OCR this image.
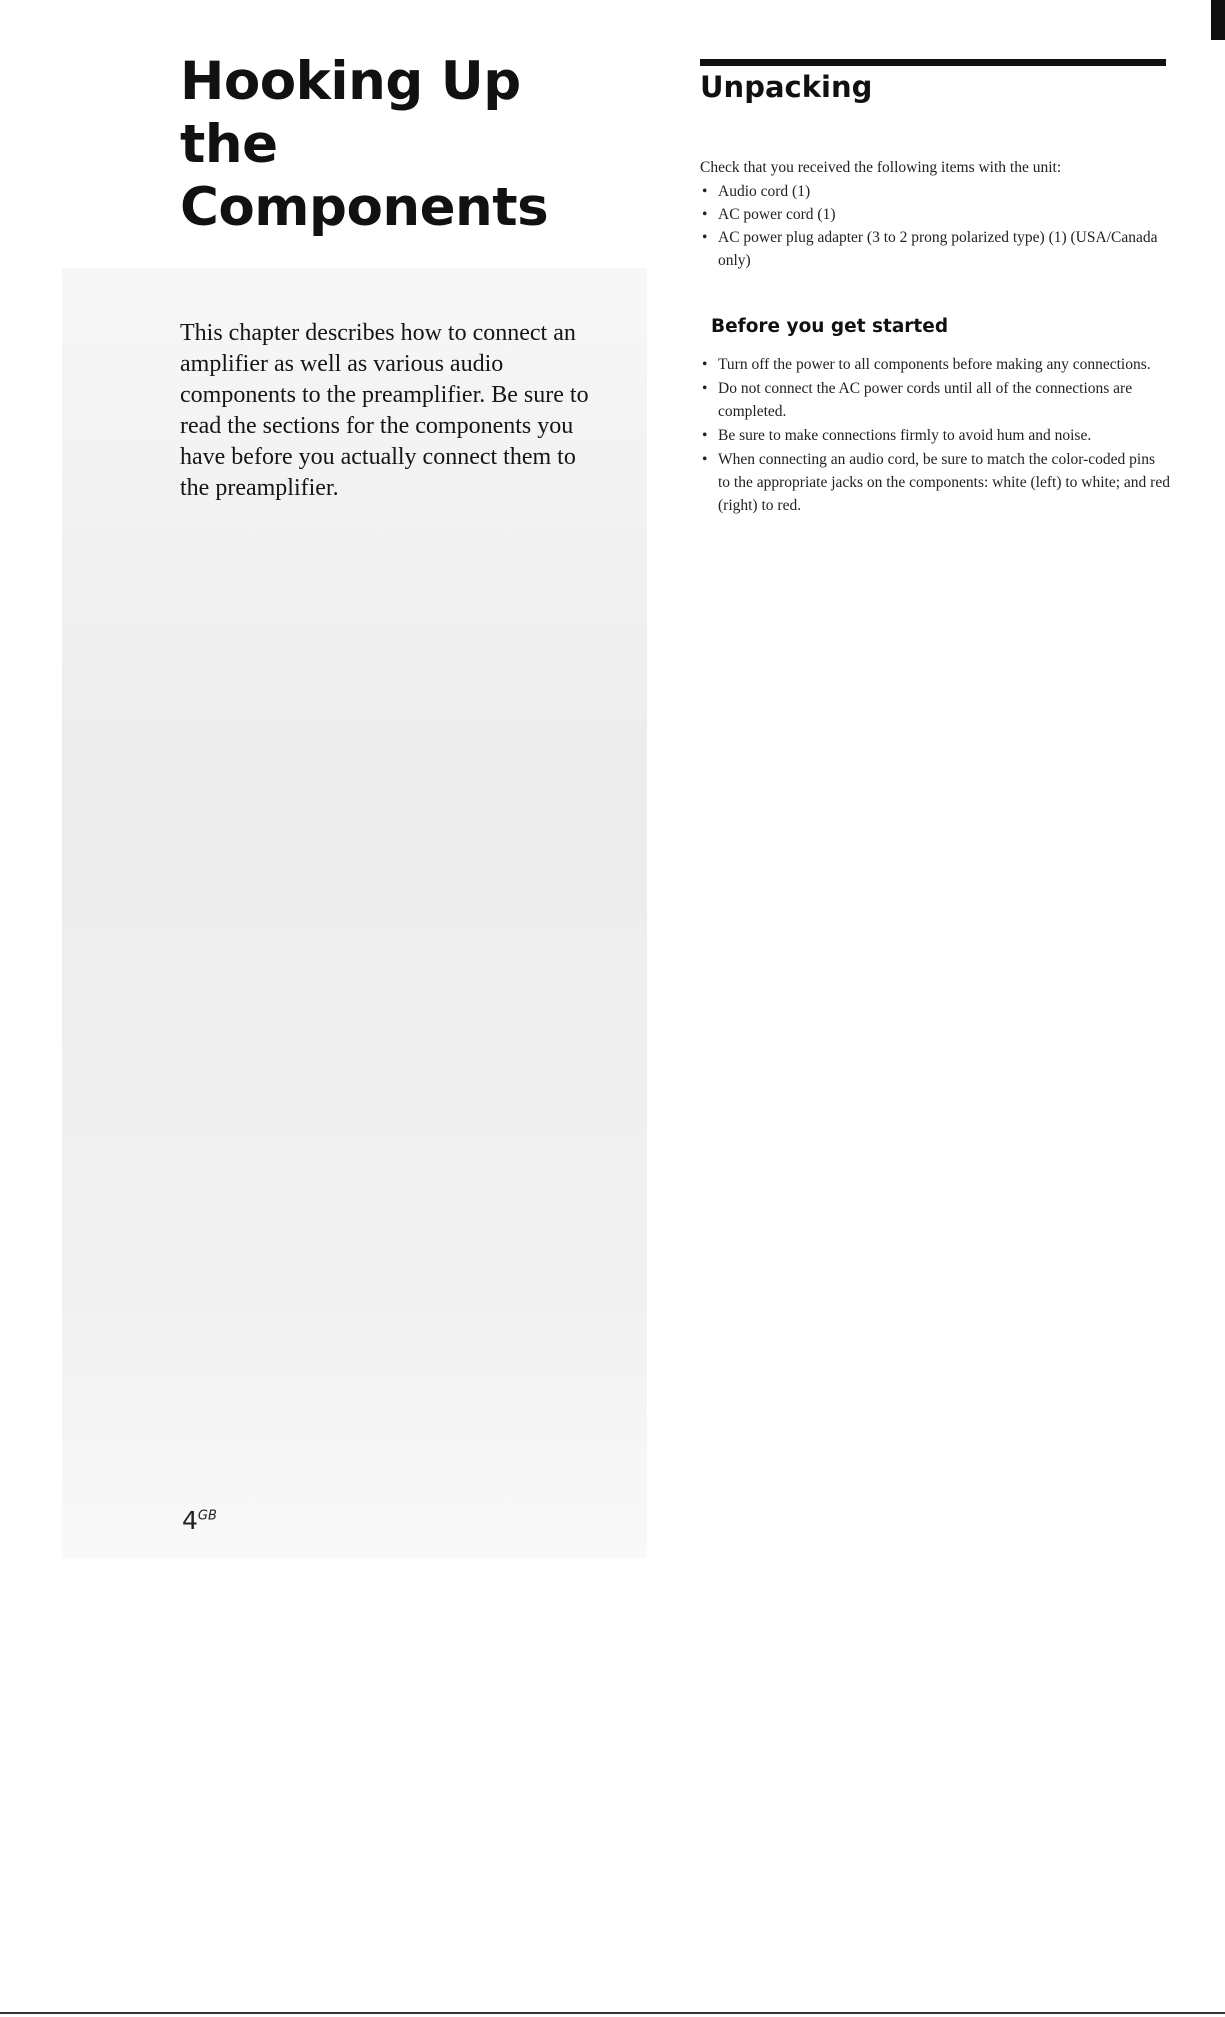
Hooking Up
the
Components

This chapter describes how to connect an amplifier as well as various audio components to the preamplifier. Be sure to read the sections for the components you have before you actually connect them to the preamplifier.

$4^{GB}$
Unpacking

Check that you received the following items with the unit:

• Audio cord (1)
• AC power cord (1)
• AC power plug adapter (3 to 2 prong polarized type) (1) (USA/Canada only)
Before you get started
• Turn off the power to all components before making any connections.
• Do not connect the AC power cords until all of the connections are completed.
• Be sure to make connections firmly to avoid hum and noise.
• When connecting an audio cord, be sure to match the color-coded pins to the appropriate jacks on the components: white (left) to white; and red (right) to red.
